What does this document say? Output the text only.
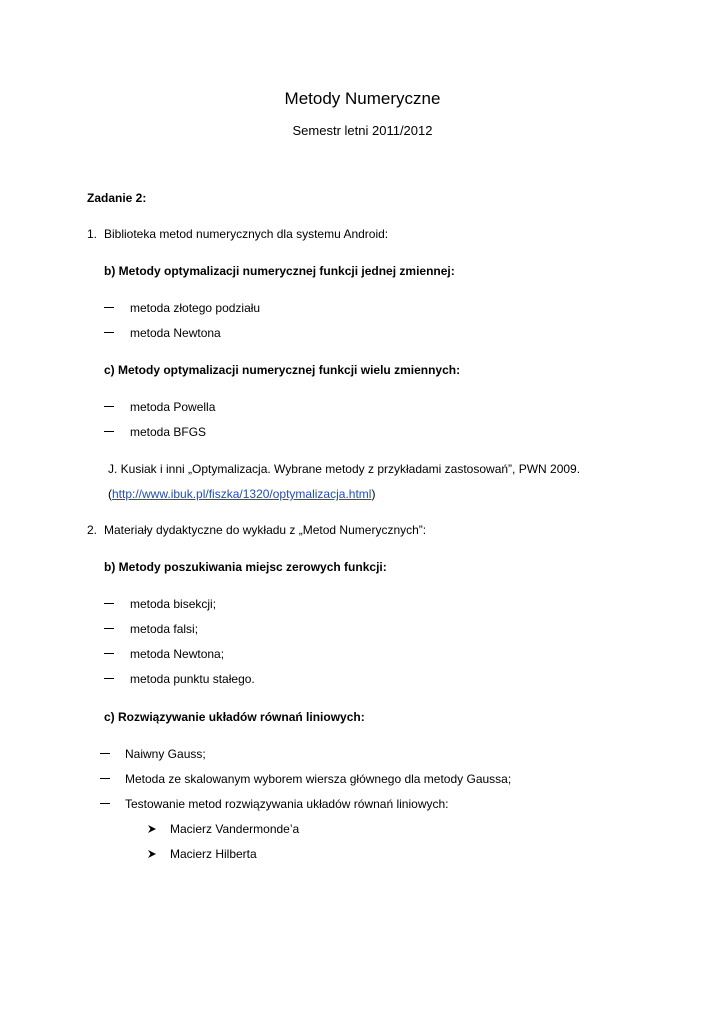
Metody Numeryczne
Semestr letni 2011/2012
Zadanie 2:
1. Biblioteka metod numerycznych dla systemu Android:
b) Metody optymalizacji numerycznej funkcji jednej zmiennej:
metoda złotego podziału
metoda Newtona
c) Metody optymalizacji numerycznej funkcji wielu zmiennych:
metoda Powella
metoda BFGS
J. Kusiak i inni „Optymalizacja. Wybrane metody z przykładami zastosowań”, PWN 2009.
(http://www.ibuk.pl/fiszka/1320/optymalizacja.html)
2. Materiały dydaktyczne do wykładu z „Metod Numerycznych”:
b) Metody poszukiwania miejsc zerowych funkcji:
metoda bisekcji;
metoda falsi;
metoda Newtona;
metoda punktu stałego.
c) Rozwiązywanie układów równań liniowych:
Naiwny Gauss;
Metoda ze skalowanym wyborem wiersza głównego dla metody Gaussa;
Testowanie metod rozwiązywania układów równań liniowych:
Macierz Vandermonde’a
Macierz Hilberta
